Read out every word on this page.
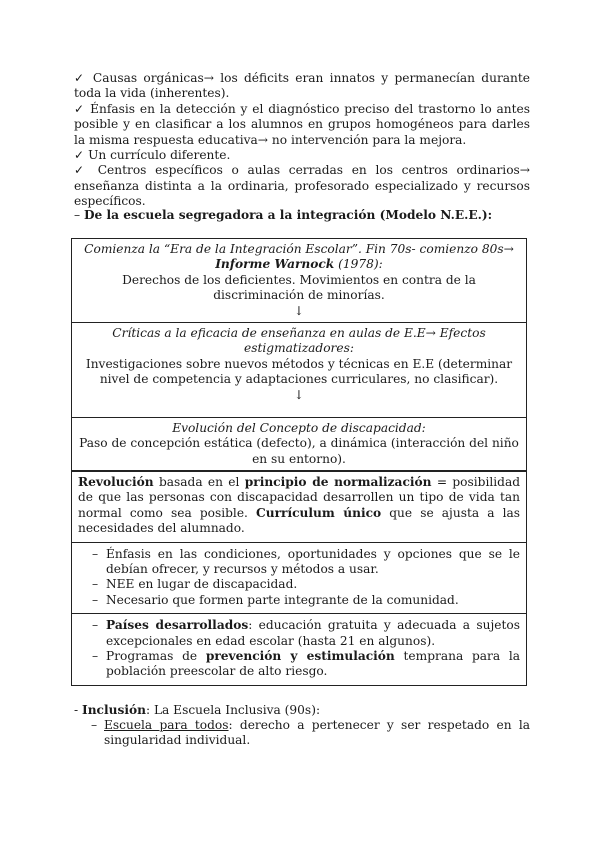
✓ Causas orgánicas→ los déficits eran innatos y permanecían durante toda la vida (inherentes).

✓ Énfasis en la detección y el diagnóstico preciso del trastorno lo antes posible y en clasificar a los alumnos en grupos homogéneos para darles la misma respuesta educativa→ no intervención para la mejora.

✓ Un currículo diferente.

✓ Centros específicos o aulas cerradas en los centros ordinarios→ enseñanza distinta a la ordinaria, profesorado especializado y recursos específicos.

– De la escuela segregadora a la integración (Modelo N.E.E.):
Comienza la “Era de la Integración Escolar”. Fin 70s- comienzo 80s→ Informe Warnock (1978):
Derechos de los deficientes. Movimientos en contra de la discriminación de minorías.
↓
Críticas a la eficacia de enseñanza en aulas de E.E→ Efectos estigmatizadores:
Investigaciones sobre nuevos métodos y técnicas en E.E (determinar nivel de competencia y adaptaciones curriculares, no clasificar).
↓
Evolución del Concepto de discapacidad:
Paso de concepción estática (defecto), a dinámica (interacción del niño en su entorno).
Revolución basada en el principio de normalización = posibilidad de que las personas con discapacidad desarrollen un tipo de vida tan normal como sea posible. Currículum único que se ajusta a las necesidades del alumnado.
– Énfasis en las condiciones, oportunidades y opciones que se le debían ofrecer, y recursos y métodos a usar.
– NEE en lugar de discapacidad.
– Necesario que formen parte integrante de la comunidad.
– Países desarrollados: educación gratuita y adecuada a sujetos excepcionales en edad escolar (hasta 21 en algunos).
– Programas de prevención y estimulación temprana para la población preescolar de alto riesgo.
- Inclusión: La Escuela Inclusiva (90s):
– Escuela para todos: derecho a pertenecer y ser respetado en la singularidad individual.
